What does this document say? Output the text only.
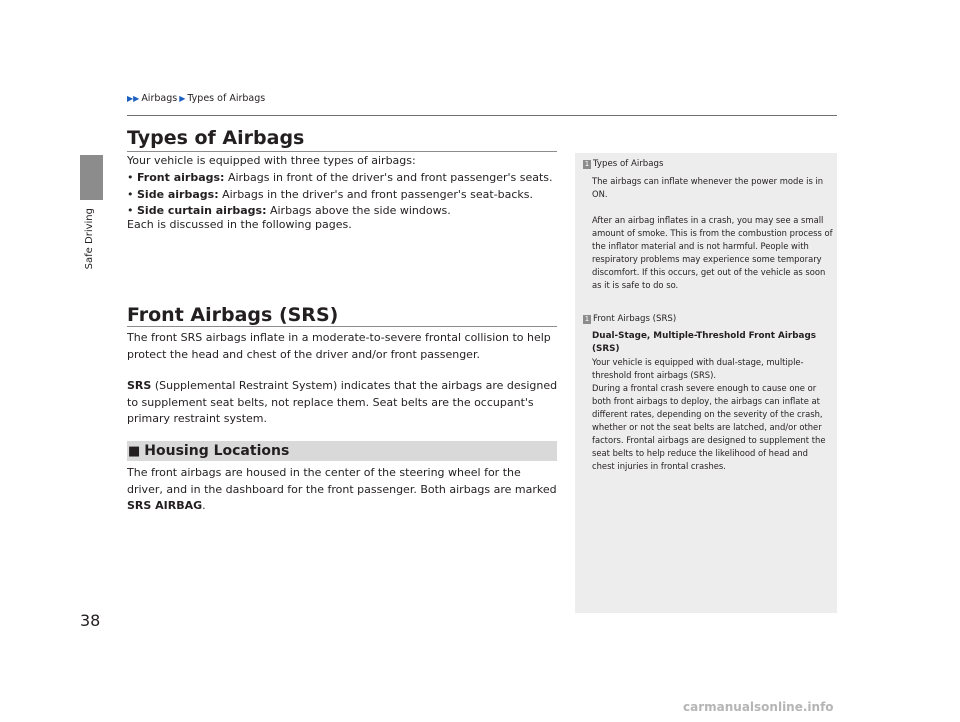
▶▶ Airbags ▶ Types of Airbags
Safe Driving
38
Types of Airbags

Your vehicle is equipped with three types of airbags:

• Front airbags: Airbags in front of the driver's and front passenger's seats.
• Side airbags: Airbags in the driver's and front passenger's seat-backs.
• Side curtain airbags: Airbags above the side windows.

Each is discussed in the following pages.

Front Airbags (SRS)

The front SRS airbags inflate in a moderate-to-severe frontal collision to help protect the head and chest of the driver and/or front passenger.

SRS (Supplemental Restraint System) indicates that the airbags are designed to supplement seat belts, not replace them. Seat belts are the occupant's primary restraint system.

■ Housing Locations

The front airbags are housed in the center of the steering wheel for the driver, and in the dashboard for the front passenger. Both airbags are marked SRS AIRBAG.

1 Types of Airbags

The airbags can inflate whenever the power mode is in ON.

After an airbag inflates in a crash, you may see a small amount of smoke. This is from the combustion process of the inflator material and is not harmful. People with respiratory problems may experience some temporary discomfort. If this occurs, get out of the vehicle as soon as it is safe to do so.

1 Front Airbags (SRS)

Dual-Stage, Multiple-Threshold Front Airbags (SRS)

Your vehicle is equipped with dual-stage, multiple-threshold front airbags (SRS).

During a frontal crash severe enough to cause one or both front airbags to deploy, the airbags can inflate at different rates, depending on the severity of the crash, whether or not the seat belts are latched, and/or other factors. Frontal airbags are designed to supplement the seat belts to help reduce the likelihood of head and chest injuries in frontal crashes.

carmanualsonline.info
